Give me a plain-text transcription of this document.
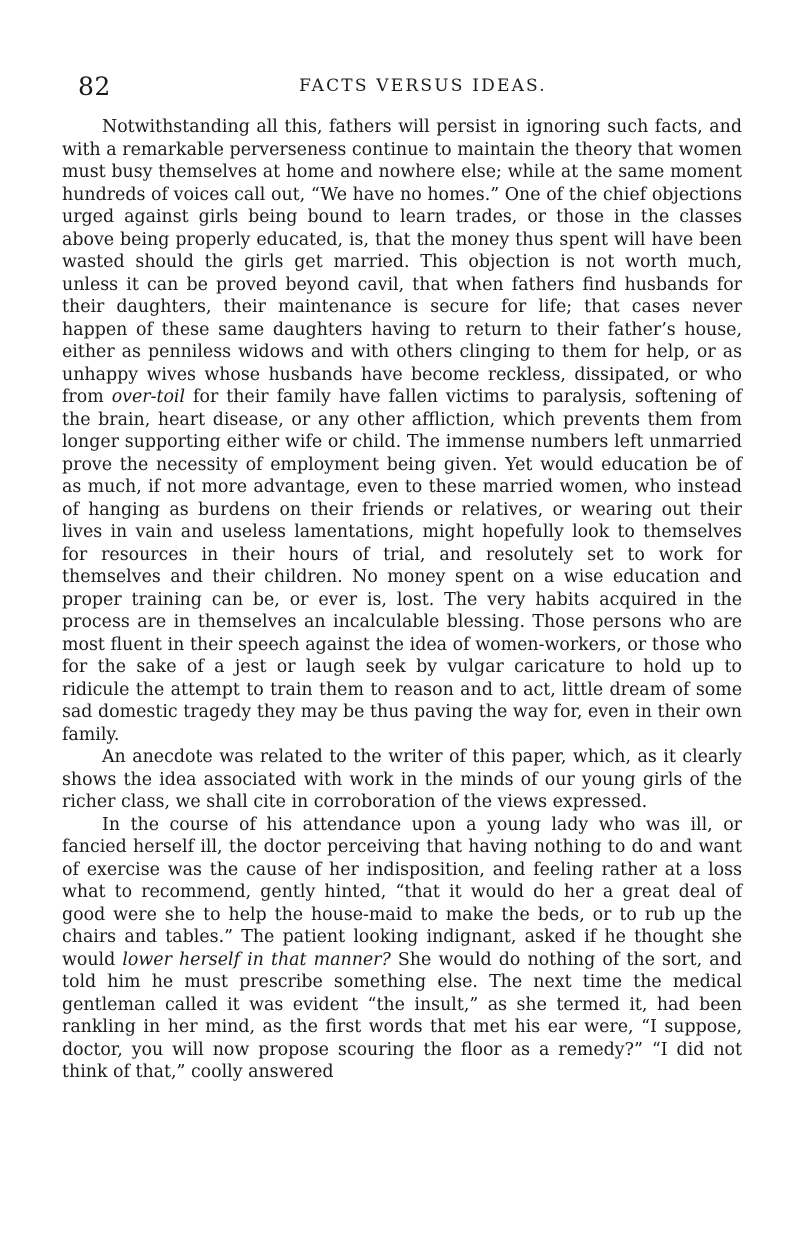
82	FACTS VERSUS IDEAS.

Notwithstanding all this, fathers will persist in ignoring such facts, and with a remarkable perverseness continue to maintain the theory that women must busy themselves at home and nowhere else; while at the same moment hundreds of voices call out, “We have no homes.” One of the chief objections urged against girls being bound to learn trades, or those in the classes above being properly educated, is, that the money thus spent will have been wasted should the girls get married. This objection is not worth much, unless it can be proved beyond cavil, that when fathers find husbands for their daughters, their maintenance is secure for life; that cases never happen of these same daughters having to return to their father’s house, either as penniless widows and with others clinging to them for help, or as unhappy wives whose husbands have become reckless, dissipated, or who from over-toil for their family have fallen victims to paralysis, softening of the brain, heart disease, or any other affliction, which prevents them from longer supporting either wife or child. The immense numbers left unmarried prove the necessity of employment being given. Yet would education be of as much, if not more advantage, even to these married women, who instead of hanging as burdens on their friends or relatives, or wearing out their lives in vain and useless lamentations, might hopefully look to themselves for resources in their hours of trial, and resolutely set to work for themselves and their children. No money spent on a wise education and proper training can be, or ever is, lost. The very habits acquired in the process are in themselves an incalculable blessing. Those persons who are most fluent in their speech against the idea of women-workers, or those who for the sake of a jest or laugh seek by vulgar caricature to hold up to ridicule the attempt to train them to reason and to act, little dream of some sad domestic tragedy they may be thus paving the way for, even in their own family.

An anecdote was related to the writer of this paper, which, as it clearly shows the idea associated with work in the minds of our young girls of the richer class, we shall cite in corroboration of the views expressed.

In the course of his attendance upon a young lady who was ill, or fancied herself ill, the doctor perceiving that having nothing to do and want of exercise was the cause of her indisposition, and feeling rather at a loss what to recommend, gently hinted, “that it would do her a great deal of good were she to help the house-maid to make the beds, or to rub up the chairs and tables.” The patient looking indignant, asked if he thought she would lower herself in that manner? She would do nothing of the sort, and told him he must prescribe something else. The next time the medical gentleman called it was evident “the insult,” as she termed it, had been rankling in her mind, as the first words that met his ear were, “I suppose, doctor, you will now propose scouring the floor as a remedy?” “I did not think of that,” coolly answered
